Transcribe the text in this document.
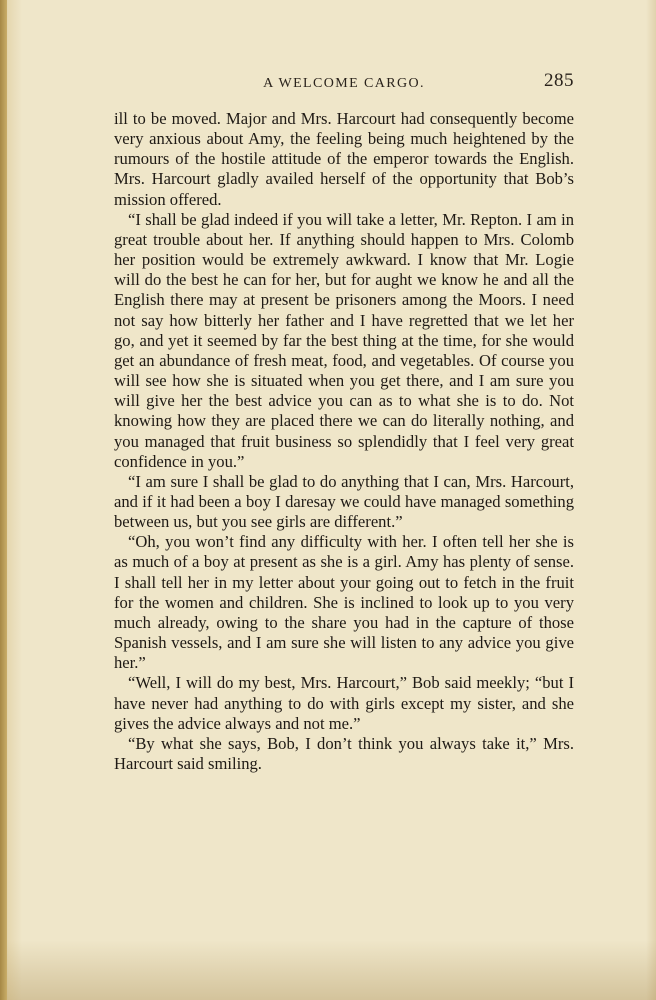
A WELCOME CARGO.	285

ill to be moved. Major and Mrs. Harcourt had consequently become very anxious about Amy, the feeling being much heightened by the rumours of the hostile attitude of the emperor towards the English. Mrs. Harcourt gladly availed herself of the opportunity that Bob’s mission offered.

“I shall be glad indeed if you will take a letter, Mr. Repton. I am in great trouble about her. If anything should happen to Mrs. Colomb her position would be extremely awkward. I know that Mr. Logie will do the best he can for her, but for aught we know he and all the English there may at present be prisoners among the Moors. I need not say how bitterly her father and I have regretted that we let her go, and yet it seemed by far the best thing at the time, for she would get an abundance of fresh meat, food, and vegetables. Of course you will see how she is situated when you get there, and I am sure you will give her the best advice you can as to what she is to do. Not knowing how they are placed there we can do literally nothing, and you managed that fruit business so splendidly that I feel very great confidence in you.”

“I am sure I shall be glad to do anything that I can, Mrs. Harcourt, and if it had been a boy I daresay we could have managed something between us, but you see girls are different.”

“Oh, you won’t find any difficulty with her. I often tell her she is as much of a boy at present as she is a girl. Amy has plenty of sense. I shall tell her in my letter about your going out to fetch in the fruit for the women and children. She is inclined to look up to you very much already, owing to the share you had in the capture of those Spanish vessels, and I am sure she will listen to any advice you give her.”

“Well, I will do my best, Mrs. Harcourt,” Bob said meekly; “but I have never had anything to do with girls except my sister, and she gives the advice always and not me.”

“By what she says, Bob, I don’t think you always take it,” Mrs. Harcourt said smiling.
